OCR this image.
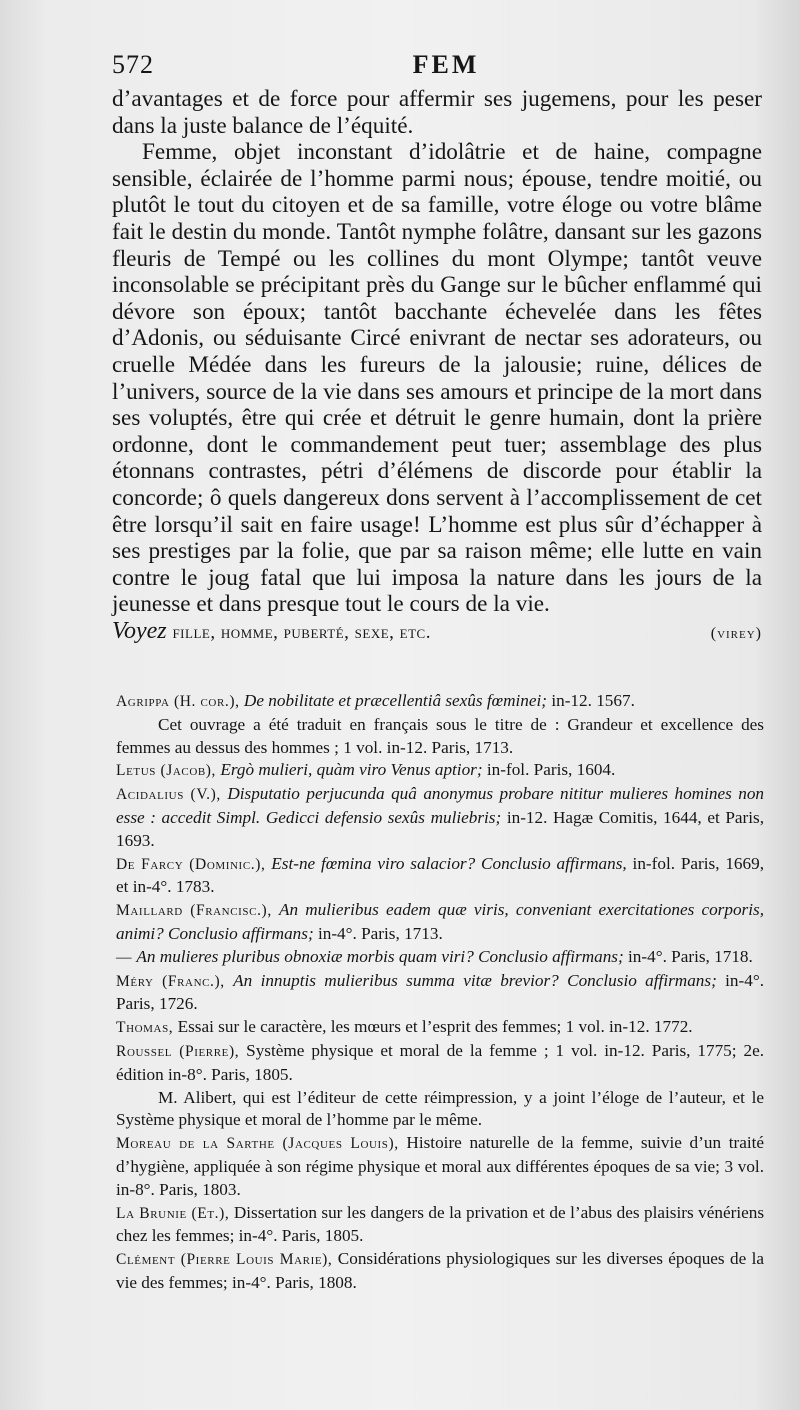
572	FEM

d’avantages et de force pour affermir ses jugemens, pour les peser dans la juste balance de l’équité.

Femme, objet inconstant d’idolâtrie et de haine, compagne sensible, éclairée de l’homme parmi nous; épouse, tendre moitié, ou plutôt le tout du citoyen et de sa famille, votre éloge ou votre blâme fait le destin du monde. Tantôt nymphe folâtre, dansant sur les gazons fleuris de Tempé ou les collines du mont Olympe; tantôt veuve inconsolable se précipitant près du Gange sur le bûcher enflammé qui dévore son époux; tantôt bacchante échevelée dans les fêtes d’Adonis, ou séduisante Circé enivrant de nectar ses adorateurs, ou cruelle Médée dans les fureurs de la jalousie; ruine, délices de l’univers, source de la vie dans ses amours et principe de la mort dans ses voluptés, être qui crée et détruit le genre humain, dont la prière ordonne, dont le commandement peut tuer; assemblage des plus étonnans contrastes, pétri d’élémens de discorde pour établir la concorde; ô quels dangereux dons servent à l’accomplissement de cet être lorsqu’il sait en faire usage! L’homme est plus sûr d’échapper à ses prestiges par la folie, que par sa raison même; elle lutte en vain contre le joug fatal que lui imposa la nature dans les jours de la jeunesse et dans presque tout le cours de la vie.

Voyez fille, homme, puberté, sexe, etc.	(virey)

Agrippa (H. cor.), De nobilitate et præcellentiâ sexûs fœminei; in-12. 1567.

Cet ouvrage a été traduit en français sous le titre de : Grandeur et excellence des femmes au dessus des hommes ; 1 vol. in-12. Paris, 1713.

Letus (Jacob), Ergò mulieri, quàm viro Venus aptior; in-fol. Paris, 1604.

Acidalius (V.), Disputatio perjucunda quâ anonymus probare nititur mulieres homines non esse : accedit Simpl. Gedicci defensio sexûs muliebris; in-12. Hagæ Comitis, 1644, et Paris, 1693.

De Farcy (Dominic.), Est-ne fœmina viro salacior? Conclusio affirmans, in-fol. Paris, 1669, et in-4°. 1783.

Maillard (Francisc.), An mulieribus eadem quæ viris, conveniant exercitationes corporis, animi? Conclusio affirmans; in-4°. Paris, 1713.

— An mulieres pluribus obnoxiæ morbis quam viri? Conclusio affirmans; in-4°. Paris, 1718.

Méry (Franc.), An innuptis mulieribus summa vitæ brevior? Conclusio affirmans; in-4°. Paris, 1726.

Thomas, Essai sur le caractère, les mœurs et l’esprit des femmes; 1 vol. in-12. 1772.

Roussel (Pierre), Système physique et moral de la femme ; 1 vol. in-12. Paris, 1775; 2e. édition in-8°. Paris, 1805.

M. Alibert, qui est l’éditeur de cette réimpression, y a joint l’éloge de l’auteur, et le Système physique et moral de l’homme par le même.

Moreau de la Sarthe (Jacques Louis), Histoire naturelle de la femme, suivie d’un traité d’hygiène, appliquée à son régime physique et moral aux différentes époques de sa vie; 3 vol. in-8°. Paris, 1803.

La Brunie (Et.), Dissertation sur les dangers de la privation et de l’abus des plaisirs vénériens chez les femmes; in-4°. Paris, 1805.

Clément (Pierre Louis Marie), Considérations physiologiques sur les diverses époques de la vie des femmes; in-4°. Paris, 1808.
